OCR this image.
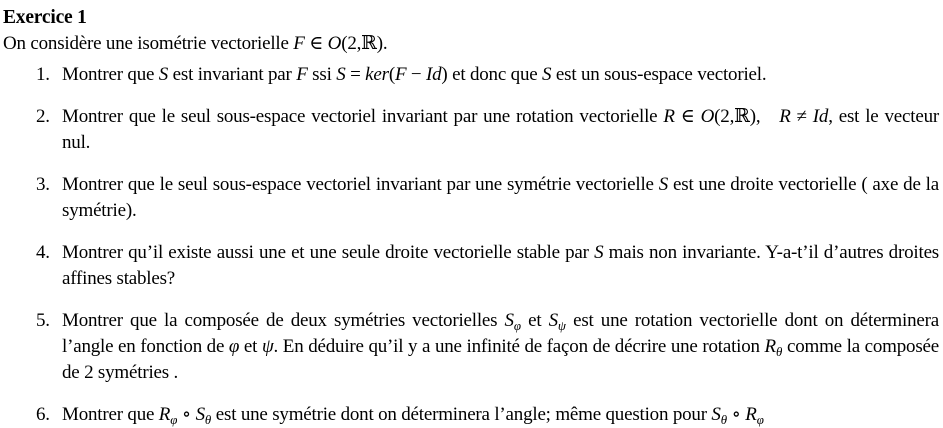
Exercice 1

On considère une isométrie vectorielle F ∈ O(2,ℝ).

1. Montrer que S est invariant par F ssi S = ker(F − Id) et donc que S est un sous-espace vectoriel.
2. Montrer que le seul sous-espace vectoriel invariant par une rotation vectorielle R ∈ O(2,ℝ),  R ≠ Id, est le vecteur nul.
3. Montrer que le seul sous-espace vectoriel invariant par une symétrie vectorielle S est une droite vectorielle ( axe de la symétrie).
4. Montrer qu’il existe aussi une et une seule droite vectorielle stable par S mais non invariante. Y-a-t’il d’autres droites affines stables?
5. Montrer que la composée de deux symétries vectorielles $S_\varphi$ et $S_\psi$ est une rotation vectorielle dont on déterminera l’angle en fonction de φ et ψ. En déduire qu’il y a une infinité de façon de décrire une rotation $R_\theta$ comme la composée de 2 symétries .
6. Montrer que $R_\varphi$ ∘ $S_\theta$ est une symétrie dont on déterminera l’angle; même question pour $S_\theta$ ∘ $R_\varphi$
